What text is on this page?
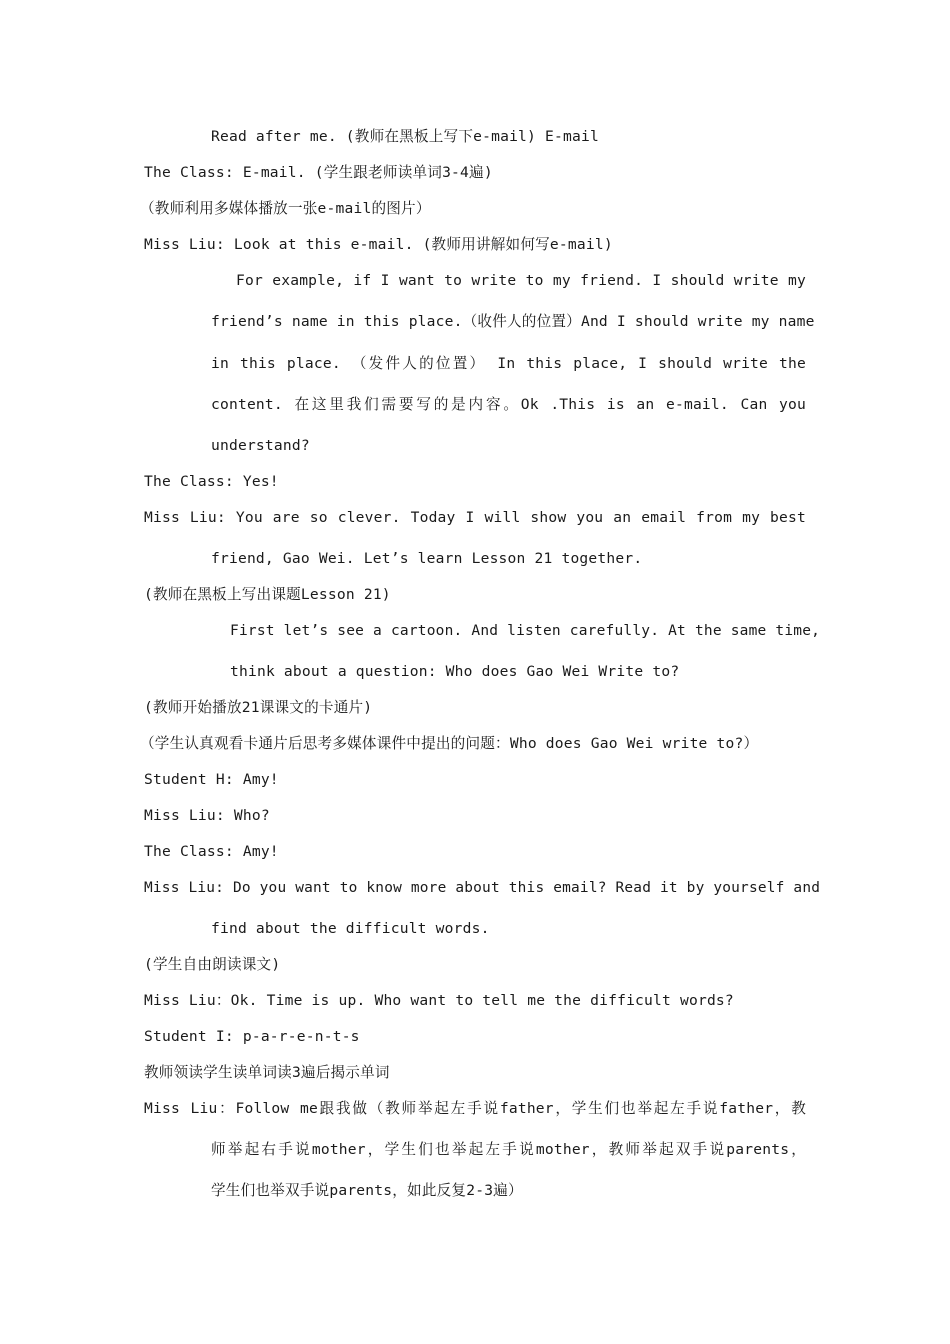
Read after me. (教师在黑板上写下e-mail) E-mail
The Class: E-mail. (学生跟老师读单词3-4遍)
（教师利用多媒体播放一张e-mail的图片）
Miss Liu: Look at this e-mail. (教师用讲解如何写e-mail)
For example, if I want to write to my friend. I should write my
friend’s name in this place.（收件人的位置）And I should write my name
in this place. （发件人的位置） In this place, I should write the
content. 在这里我们需要写的是内容。Ok .This is an e-mail. Can you
understand?
The Class: Yes!
Miss Liu: You are so clever. Today I will show you an email from my best
friend, Gao Wei. Let’s learn Lesson 21 together.
(教师在黑板上写出课题Lesson 21)
First let’s see a cartoon. And listen carefully. At the same time,
think about a question: Who does Gao Wei Write to?
(教师开始播放21课课文的卡通片)
（学生认真观看卡通片后思考多媒体课件中提出的问题：Who does Gao Wei write to?）
Student H: Amy!
Miss Liu: Who?
The Class: Amy!
Miss Liu: Do you want to know more about this email? Read it by yourself and
find about the difficult words.
(学生自由朗读课文)
Miss Liu：Ok. Time is up. Who want to tell me the difficult words?
Student I: p-a-r-e-n-t-s
教师领读学生读单词读3遍后揭示单词
Miss Liu：Follow me跟我做（教师举起左手说father，学生们也举起左手说father，教
师举起右手说mother，学生们也举起左手说mother，教师举起双手说parents，
学生们也举双手说parents，如此反复2-3遍）
